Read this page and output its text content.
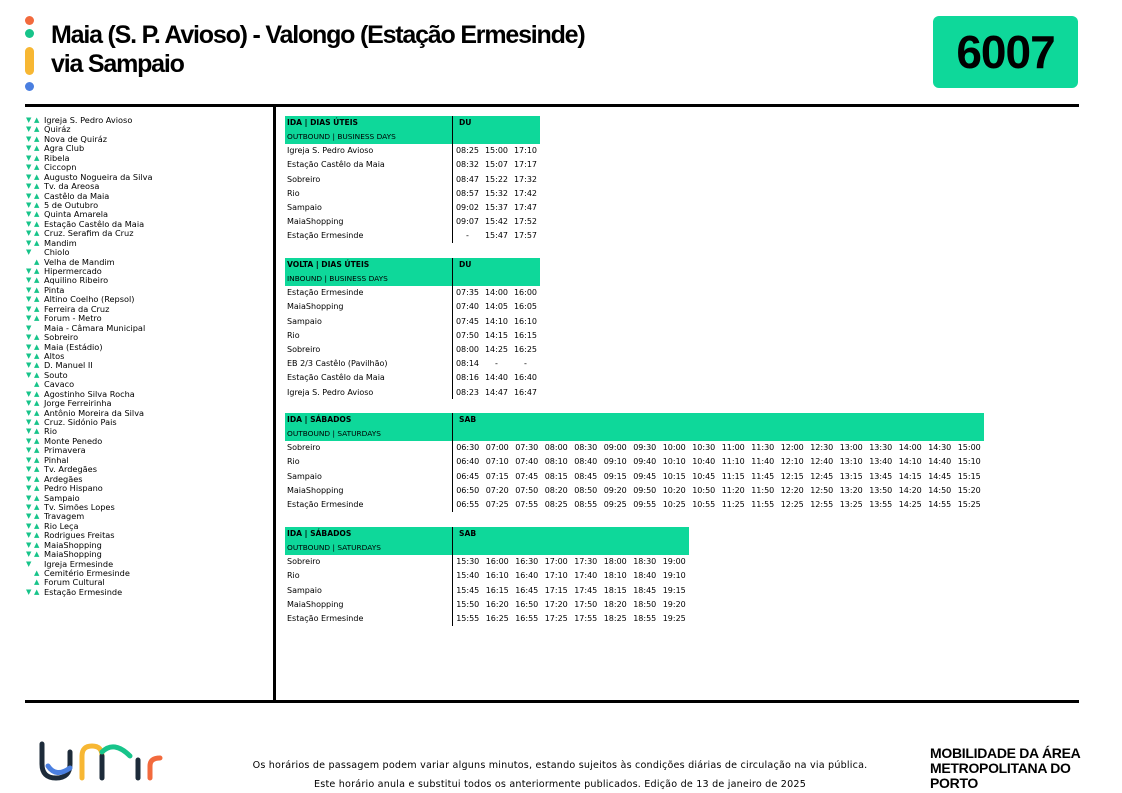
Maia (S. P. Avioso) - Valongo (Estação Ermesinde)
via Sampaio	6007
▼ ▲ Igreja S. Pedro Avioso
▼ ▲ Quiráz
▼ ▲ Nova de Quiráz
▼ ▲ Agra Club
▼ ▲ Ribela
▼ ▲ Ciccopn
▼ ▲ Augusto Nogueira da Silva
▼ ▲ Tv. da Areosa
▼ ▲ Castêlo da Maia
▼ ▲ 5 de Outubro
▼ ▲ Quinta Amarela
▼ ▲ Estação Castêlo da Maia
▼ ▲ Cruz. Serafim da Cruz
▼ ▲ Mandim
▼	Chiolo
▲ Velha de Mandim
▼ ▲ Hipermercado
▼ ▲ Aquilino Ribeiro
▼ ▲ Pinta
▼ ▲ Altino Coelho (Repsol)
▼ ▲ Ferreira da Cruz
▼ ▲ Forum - Metro
▼	Maia - Câmara Municipal
▼ ▲ Sobreiro
▼ ▲ Maia (Estádio)
▼ ▲ Altos
▼ ▲ D. Manuel II
▼ ▲ Souto
▲ Cavaco
▼ ▲ Agostinho Silva Rocha
▼ ▲ Jorge Ferreirinha
▼ ▲ Antônio Moreira da Silva
▼ ▲ Cruz. Sidónio Pais
▼ ▲ Rio
▼ ▲ Monte Penedo
▼ ▲ Primavera
▼ ▲ Pinhal
▼ ▲ Tv. Ardegães
▼ ▲ Ardegães
▼ ▲ Pedro Hispano
▼ ▲ Sampaio
▼ ▲ Tv. Simões Lopes
▼ ▲ Travagem
▼ ▲ Rio Leça
▼ ▲ Rodrigues Freitas
▼ ▲ MaiaShopping
▼ ▲ MaiaShopping
▼	Igreja Ermesinde
▲ Cemitério Ermesinde
▲ Forum Cultural
▼ ▲ Estação Ermesinde
IDA | DIAS ÚTEIS	DU		
OUTBOUND | BUSINESS DAYS			
Igreja S. Pedro Avioso	08:25	15:00	17:10
Estação Castêlo da Maia	08:32	15:07	17:17
Sobreiro	08:47	15:22	17:32
Rio	08:57	15:32	17:42
Sampaio	09:02	15:37	17:47
MaiaShopping	09:07	15:42	17:52
Estação Ermesinde	-	15:47	17:57
VOLTA | DIAS ÚTEIS	DU		
INBOUND | BUSINESS DAYS			
Estação Ermesinde	07:35	14:00	16:00
MaiaShopping	07:40	14:05	16:05
Sampaio	07:45	14:10	16:10
Rio	07:50	14:15	16:15
Sobreiro	08:00	14:25	16:25
EB 2/3 Castêlo (Pavilhão)	08:14	-	-
Estação Castêlo da Maia	08:16	14:40	16:40
Igreja S. Pedro Avioso	08:23	14:47	16:47
IDA | SÁBADOS	SAB																	
OUTBOUND | SATURDAYS																		
Sobreiro	06:30	07:00	07:30	08:00	08:30	09:00	09:30	10:00	10:30	11:00	11:30	12:00	12:30	13:00	13:30	14:00	14:30	15:00
Rio	06:40	07:10	07:40	08:10	08:40	09:10	09:40	10:10	10:40	11:10	11:40	12:10	12:40	13:10	13:40	14:10	14:40	15:10
Sampaio	06:45	07:15	07:45	08:15	08:45	09:15	09:45	10:15	10:45	11:15	11:45	12:15	12:45	13:15	13:45	14:15	14:45	15:15
MaiaShopping	06:50	07:20	07:50	08:20	08:50	09:20	09:50	10:20	10:50	11:20	11:50	12:20	12:50	13:20	13:50	14:20	14:50	15:20
Estação Ermesinde	06:55	07:25	07:55	08:25	08:55	09:25	09:55	10:25	10:55	11:25	11:55	12:25	12:55	13:25	13:55	14:25	14:55	15:25
IDA | SÁBADOS	SAB							
OUTBOUND | SATURDAYS								
Sobreiro	15:30	16:00	16:30	17:00	17:30	18:00	18:30	19:00
Rio	15:40	16:10	16:40	17:10	17:40	18:10	18:40	19:10
Sampaio	15:45	16:15	16:45	17:15	17:45	18:15	18:45	19:15
MaiaShopping	15:50	16:20	16:50	17:20	17:50	18:20	18:50	19:20
Estação Ermesinde	15:55	16:25	16:55	17:25	17:55	18:25	18:55	19:25
Os horários de passagem podem variar alguns minutos, estando sujeitos às condições diárias de circulação na via pública.
Este horário anula e substitui todos os anteriormente publicados. Edição de 13 de janeiro de 2025
MOBILIDADE DA ÁREA
METROPOLITANA DO PORTO
